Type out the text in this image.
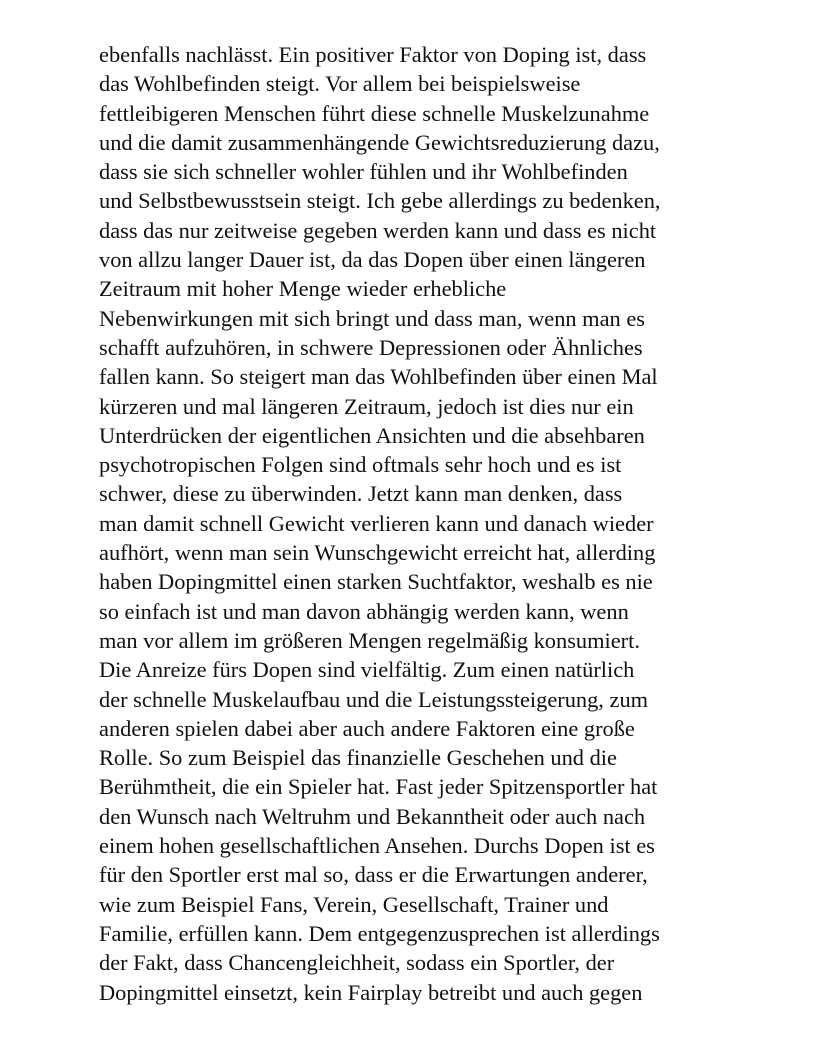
ebenfalls nachlässt. Ein positiver Faktor von Doping ist, dass
das Wohlbefinden steigt. Vor allem bei beispielsweise
fettleibigeren Menschen führt diese schnelle Muskelzunahme
und die damit zusammenhängende Gewichtsreduzierung dazu,
dass sie sich schneller wohler fühlen und ihr Wohlbefinden
und Selbstbewusstsein steigt. Ich gebe allerdings zu bedenken,
dass das nur zeitweise gegeben werden kann und dass es nicht
von allzu langer Dauer ist, da das Dopen über einen längeren
Zeitraum mit hoher Menge wieder erhebliche
Nebenwirkungen mit sich bringt und dass man, wenn man es
schafft aufzuhören, in schwere Depressionen oder Ähnliches
fallen kann. So steigert man das Wohlbefinden über einen Mal
kürzeren und mal längeren Zeitraum, jedoch ist dies nur ein
Unterdrücken der eigentlichen Ansichten und die absehbaren
psychotropischen Folgen sind oftmals sehr hoch und es ist
schwer, diese zu überwinden. Jetzt kann man denken, dass
man damit schnell Gewicht verlieren kann und danach wieder
aufhört, wenn man sein Wunschgewicht erreicht hat, allerding
haben Dopingmittel einen starken Suchtfaktor, weshalb es nie
so einfach ist und man davon abhängig werden kann, wenn
man vor allem im größeren Mengen regelmäßig konsumiert.
Die Anreize fürs Dopen sind vielfältig. Zum einen natürlich
der schnelle Muskelaufbau und die Leistungssteigerung, zum
anderen spielen dabei aber auch andere Faktoren eine große
Rolle. So zum Beispiel das finanzielle Geschehen und die
Berühmtheit, die ein Spieler hat. Fast jeder Spitzensportler hat
den Wunsch nach Weltruhm und Bekanntheit oder auch nach
einem hohen gesellschaftlichen Ansehen. Durchs Dopen ist es
für den Sportler erst mal so, dass er die Erwartungen anderer,
wie zum Beispiel Fans, Verein, Gesellschaft, Trainer und
Familie, erfüllen kann. Dem entgegenzusprechen ist allerdings
der Fakt, dass Chancengleichheit, sodass ein Sportler, der
Dopingmittel einsetzt, kein Fairplay betreibt und auch gegen
